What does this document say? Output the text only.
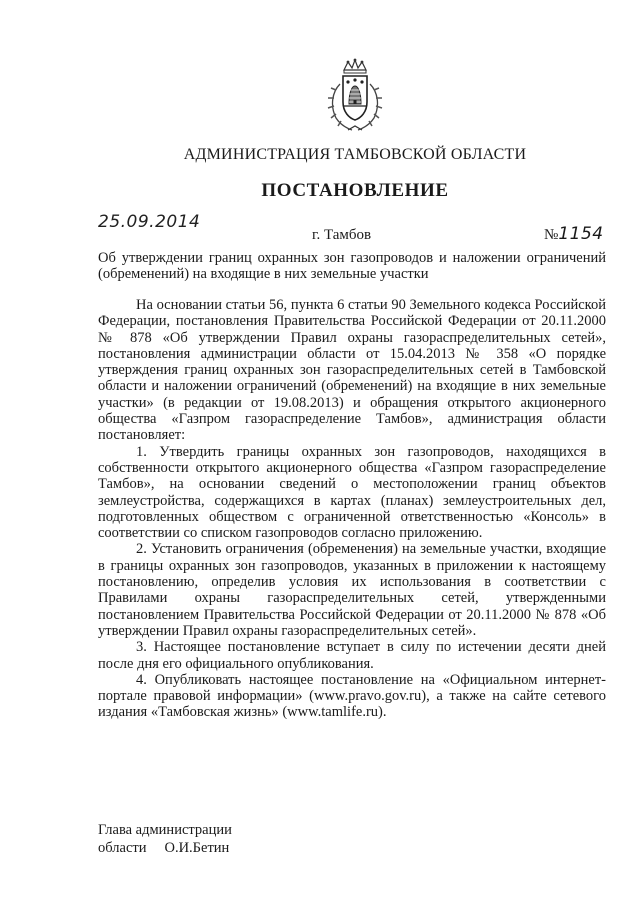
АДМИНИСТРАЦИЯ ТАМБОВСКОЙ ОБЛАСТИ
ПОСТАНОВЛЕНИЕ
25.09.2014
г. Тамбов	№1154
Об утверждении границ охранных зон газопроводов и наложении ограничений (обременений) на входящие в них земельные участки

На основании статьи 56, пункта 6 статьи 90 Земельного кодекса Российской Федерации, постановления Правительства Российской Федерации от 20.11.2000 № 878 «Об утверждении Правил охраны газораспределительных сетей», постановления администрации области от 15.04.2013 № 358 «О порядке утверждения границ охранных зон газораспределительных сетей в Тамбовской области и наложении ограничений (обременений) на входящие в них земельные участки» (в редакции от 19.08.2013) и обращения открытого акционерного общества «Газпром газораспределение Тамбов», администрация области постановляет:

1. Утвердить границы охранных зон газопроводов, находящихся в собственности открытого акционерного общества «Газпром газораспределение Тамбов», на основании сведений о местоположении границ объектов землеустройства, содержащихся в картах (планах) землеустроительных дел, подготовленных обществом с ограниченной ответственностью «Консоль» в соответствии со списком газопроводов согласно приложению.

2. Установить ограничения (обременения) на земельные участки, входящие в границы охранных зон газопроводов, указанных в приложении к настоящему постановлению, определив условия их использования в соответствии с Правилами охраны газораспределительных сетей, утвержденными постановлением Правительства Российской Федерации от 20.11.2000 № 878 «Об утверждении Правил охраны газораспределительных сетей».

3. Настоящее постановление вступает в силу по истечении десяти дней после дня его официального опубликования.

4. Опубликовать настоящее постановление на «Официальном интернет-портале правовой информации» (www.pravo.gov.ru), а также на сайте сетевого издания «Тамбовская жизнь» (www.tamlife.ru).

Глава администрации
области О.И.Бетин
